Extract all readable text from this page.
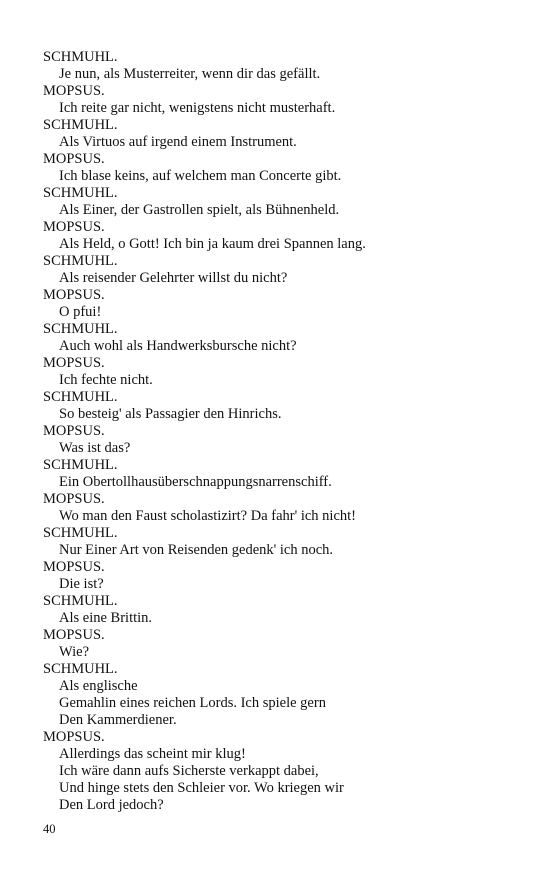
SCHMUHL.
Je nun, als Musterreiter, wenn dir das gefällt.
MOPSUS.
Ich reite gar nicht, wenigstens nicht musterhaft.
SCHMUHL.
Als Virtuos auf irgend einem Instrument.
MOPSUS.
Ich blase keins, auf welchem man Concerte gibt.
SCHMUHL.
Als Einer, der Gastrollen spielt, als Bühnenheld.
MOPSUS.
Als Held, o Gott! Ich bin ja kaum drei Spannen lang.
SCHMUHL.
Als reisender Gelehrter willst du nicht?
MOPSUS.
O pfui!
SCHMUHL.
Auch wohl als Handwerksbursche nicht?
MOPSUS.
Ich fechte nicht.
SCHMUHL.
So besteig' als Passagier den Hinrichs.
MOPSUS.
Was ist das?
SCHMUHL.
Ein Obertollhausüberschnappungsnarrenschiff.
MOPSUS.
Wo man den Faust scholastizirt? Da fahr' ich nicht!
SCHMUHL.
Nur Einer Art von Reisenden gedenk' ich noch.
MOPSUS.
Die ist?
SCHMUHL.
Als eine Brittin.
MOPSUS.
Wie?
SCHMUHL.
Als englische
Gemahlin eines reichen Lords. Ich spiele gern
Den Kammerdiener.
MOPSUS.
Allerdings das scheint mir klug!
Ich wäre dann aufs Sicherste verkappt dabei,
Und hinge stets den Schleier vor. Wo kriegen wir
Den Lord jedoch?
40
